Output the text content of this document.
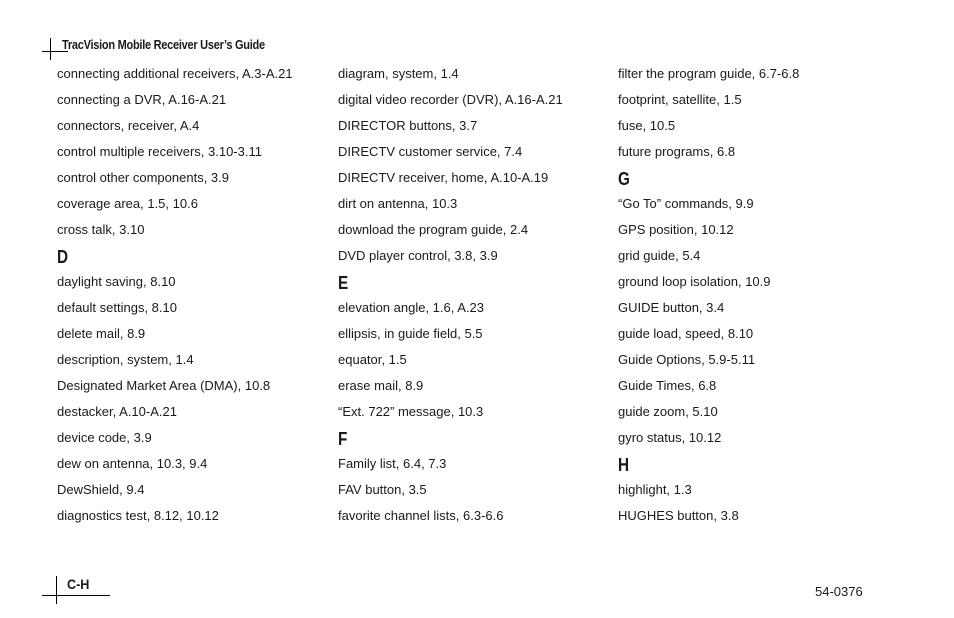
TracVision Mobile Receiver User’s Guide
connecting additional receivers, A.3-A.21
connecting a DVR, A.16-A.21
connectors, receiver, A.4
control multiple receivers, 3.10-3.11
control other components, 3.9
coverage area, 1.5, 10.6
cross talk, 3.10
D
daylight saving, 8.10
default settings, 8.10
delete mail, 8.9
description, system, 1.4
Designated Market Area (DMA), 10.8
destacker, A.10-A.21
device code, 3.9
dew on antenna, 10.3, 9.4
DewShield, 9.4
diagnostics test, 8.12, 10.12
diagram, system, 1.4
digital video recorder (DVR), A.16-A.21
DIRECTOR buttons, 3.7
DIRECTV customer service, 7.4
DIRECTV receiver, home, A.10-A.19
dirt on antenna, 10.3
download the program guide, 2.4
DVD player control, 3.8, 3.9
E
elevation angle, 1.6, A.23
ellipsis, in guide field, 5.5
equator, 1.5
erase mail, 8.9
“Ext. 722” message, 10.3
F
Family list, 6.4, 7.3
FAV button, 3.5
favorite channel lists, 6.3-6.6
filter the program guide, 6.7-6.8
footprint, satellite, 1.5
fuse, 10.5
future programs, 6.8
G
“Go To” commands, 9.9
GPS position, 10.12
grid guide, 5.4
ground loop isolation, 10.9
GUIDE button, 3.4
guide load, speed, 8.10
Guide Options, 5.9-5.11
Guide Times, 6.8
guide zoom, 5.10
gyro status, 10.12
H
highlight, 1.3
HUGHES button, 3.8
C-H	54-0376
